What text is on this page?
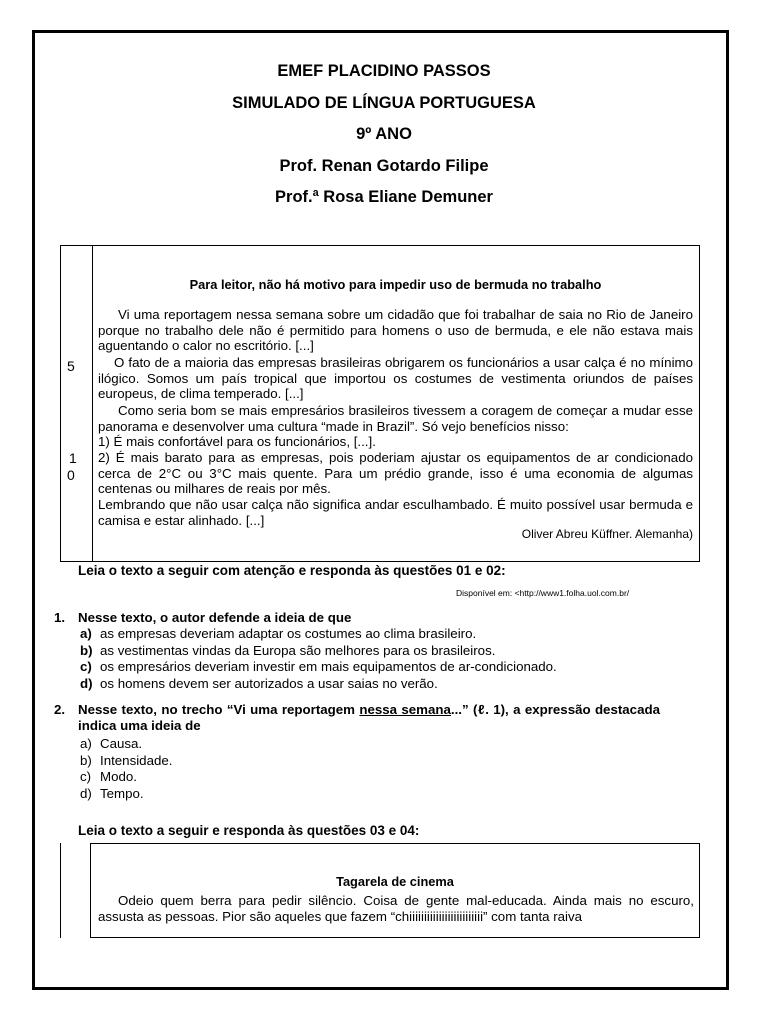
EMEF PLACIDINO PASSOS
SIMULADO DE LÍNGUA PORTUGUESA
9º ANO
Prof. Renan Gotardo Filipe
Prof.ª Rosa Eliane Demuner
5
1
0
Para leitor, não há motivo para impedir uso de bermuda no trabalho
Vi uma reportagem nessa semana sobre um cidadão que foi trabalhar de saia no Rio de Janeiro porque no trabalho dele não é permitido para homens o uso de bermuda, e ele não estava mais aguentando o calor no escritório. [...]
O fato de a maioria das empresas brasileiras obrigarem os funcionários a usar calça é no mínimo ilógico. Somos um país tropical que importou os costumes de vestimenta oriundos de países europeus, de clima temperado. [...]
Como seria bom se mais empresários brasileiros tivessem a coragem de começar a mudar esse panorama e desenvolver uma cultura “made in Brazil”. Só vejo benefícios nisso:
1) É mais confortável para os funcionários, [...].
2) É mais barato para as empresas, pois poderiam ajustar os equipamentos de ar condicionado cerca de 2°C ou 3°C mais quente. Para um prédio grande, isso é uma economia de algumas centenas ou milhares de reais por mês.
Lembrando que não usar calça não significa andar esculhambado. É muito possível usar bermuda e camisa e estar alinhado. [...]
Oliver Abreu Küffner. Alemanha)
Leia o texto a seguir com atenção e responda às questões 01 e 02:
Disponível em: <http://www1.folha.uol.com.br/
1. Nesse texto, o autor defende a ideia de que
a) as empresas deveriam adaptar os costumes ao clima brasileiro.
b) as vestimentas vindas da Europa são melhores para os brasileiros.
c) os empresários deveriam investir em mais equipamentos de ar-condicionado.
d) os homens devem ser autorizados a usar saias no verão.
2. Nesse texto, no trecho “Vi uma reportagem nessa semana...” (ℓ. 1), a expressão destacada indica uma ideia de
a) Causa.
b) Intensidade.
c) Modo.
d) Tempo.
Leia o texto a seguir e responda às questões 03 e 04:
Tagarela de cinema
Odeio quem berra para pedir silêncio. Coisa de gente mal-educada. Ainda mais no escuro, assusta as pessoas. Pior são aqueles que fazem “chiiiiiiiiiiiiiiiiiiiiiiiii” com tanta raiva
